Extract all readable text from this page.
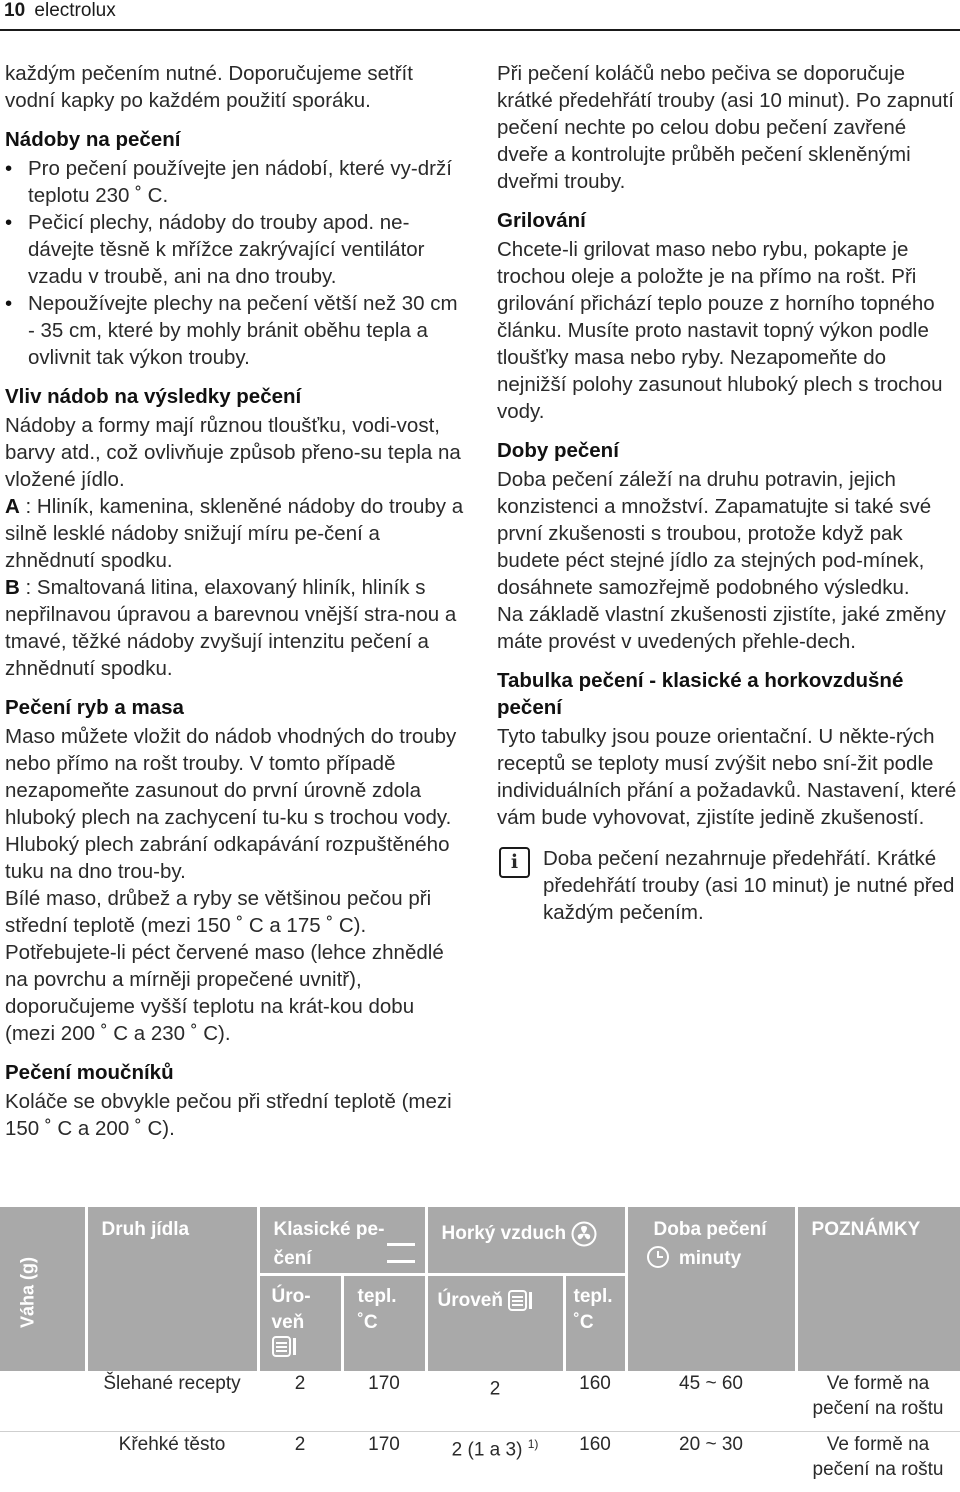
10 electrolux

každým pečením nutné. Doporučujeme setřít vodní kapky po každém použití sporáku.

Nádoby na pečení
• Pro pečení používejte jen nádobí, které vy-drží teplotu 230 ˚ C.
• Pečicí plechy, nádoby do trouby apod. ne-dávejte těsně k mřížce zakrývající ventilátor vzadu v troubě, ani na dno trouby.
• Nepoužívejte plechy na pečení větší než 30 cm - 35 cm, které by mohly bránit oběhu tepla a ovlivnit tak výkon trouby.
Vliv nádob na výsledky pečení

Nádoby a formy mají různou tloušťku, vodi-vost, barvy atd., což ovlivňuje způsob přeno-su tepla na vložené jídlo.

A : Hliník, kamenina, skleněné nádoby do trouby a silně lesklé nádoby snižují míru pe-čení a zhnědnutí spodku.

B : Smaltovaná litina, elaxovaný hliník, hliník s nepřilnavou úpravou a barevnou vnější stra-nou a tmavé, těžké nádoby zvyšují intenzitu pečení a zhnědnutí spodku.

Pečení ryb a masa

Maso můžete vložit do nádob vhodných do trouby nebo přímo na rošt trouby. V tomto případě nezapomeňte zasunout do první úrovně zdola hluboký plech na zachycení tu-ku s trochou vody. Hluboký plech zabrání odkapávání rozpuštěného tuku na dno trou-by.

Bílé maso, drůbež a ryby se většinou pečou při střední teplotě (mezi 150 ˚ C a 175 ˚ C).

Potřebujete-li péct červené maso (lehce zhnědlé na povrchu a mírněji propečené uvnitř), doporučujeme vyšší teplotu na krát-kou dobu (mezi 200 ˚ C a 230 ˚ C).

Pečení moučníků

Koláče se obvykle pečou při střední teplotě (mezi 150 ˚ C a 200 ˚ C).

Při pečení koláčů nebo pečiva se doporučuje krátké předehřátí trouby (asi 10 minut). Po zapnutí pečení nechte po celou dobu pečení zavřené dveře a kontrolujte průběh pečení skleněnými dveřmi trouby.

Grilování

Chcete-li grilovat maso nebo rybu, pokapte je trochou oleje a položte je na přímo na rošt. Při grilování přichází teplo pouze z horního topného článku. Musíte proto nastavit topný výkon podle tloušťky masa nebo ryby. Nezapomeňte do nejnižší polohy zasunout hluboký plech s trochou vody.

Doby pečení

Doba pečení záleží na druhu potravin, jejich konzistenci a množství. Zapamatujte si také své první zkušenosti s troubou, protože když pak budete péct stejné jídlo za stejných pod-mínek, dosáhnete samozřejmě podobného výsledku.

Na základě vlastní zkušenosti zjistíte, jaké změny máte provést v uvedených přehle-dech.

Tabulka pečení - klasické a horkovzdušné pečení

Tyto tabulky jsou pouze orientační. U někte-rých receptů se teploty musí zvýšit nebo sní-žit podle individuálních přání a požadavků. Nastavení, které vám bude vyhovovat, zjistíte jedině zkušeností.

i	Doba pečení nezahrnuje předehřátí. Krátké předehřátí trouby (asi 10 minut) je nutné před každým pečením.

Váha (g)	Druh jídla	Klasické pe-čení		Horký vzduch		Doba pečení minuty	POZNÁMKY

		Úro-veň	tepl. ˚C	Úroveň	tepl. ˚C		

	Šlehané recepty	2	170	2	160	45 ~ 60	Ve formě na pečení na roštu
	Křehké těsto	2	170	2 (1 a 3) $^{1)}$	160	20 ~ 30	Ve formě na pečení na roštu
